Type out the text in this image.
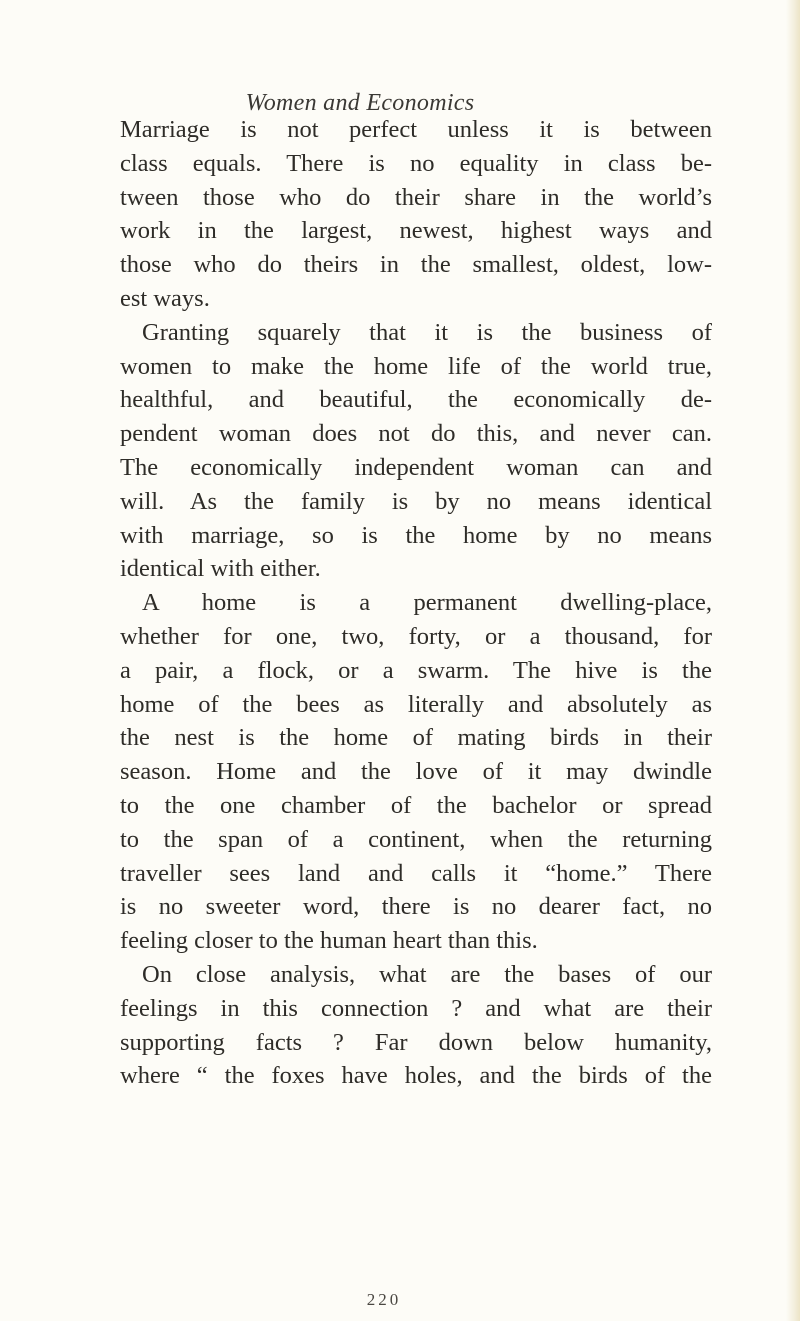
Women and Economics
Marriage is not perfect unless it is between
class equals. There is no equality in class be-
tween those who do their share in the world’s
work in the largest, newest, highest ways and
those who do theirs in the smallest, oldest, low-
est ways.
Granting squarely that it is the business of
women to make the home life of the world true,
healthful, and beautiful, the economically de-
pendent woman does not do this, and never can.
The economically independent woman can and
will. As the family is by no means identical
with marriage, so is the home by no means
identical with either.
A home is a permanent dwelling-place,
whether for one, two, forty, or a thousand, for
a pair, a flock, or a swarm. The hive is the
home of the bees as literally and absolutely as
the nest is the home of mating birds in their
season. Home and the love of it may dwindle
to the one chamber of the bachelor or spread
to the span of a continent, when the returning
traveller sees land and calls it “home.” There
is no sweeter word, there is no dearer fact, no
feeling closer to the human heart than this.
On close analysis, what are the bases of our
feelings in this connection ? and what are their
supporting facts ? Far down below humanity,
where “ the foxes have holes, and the birds of the
220
